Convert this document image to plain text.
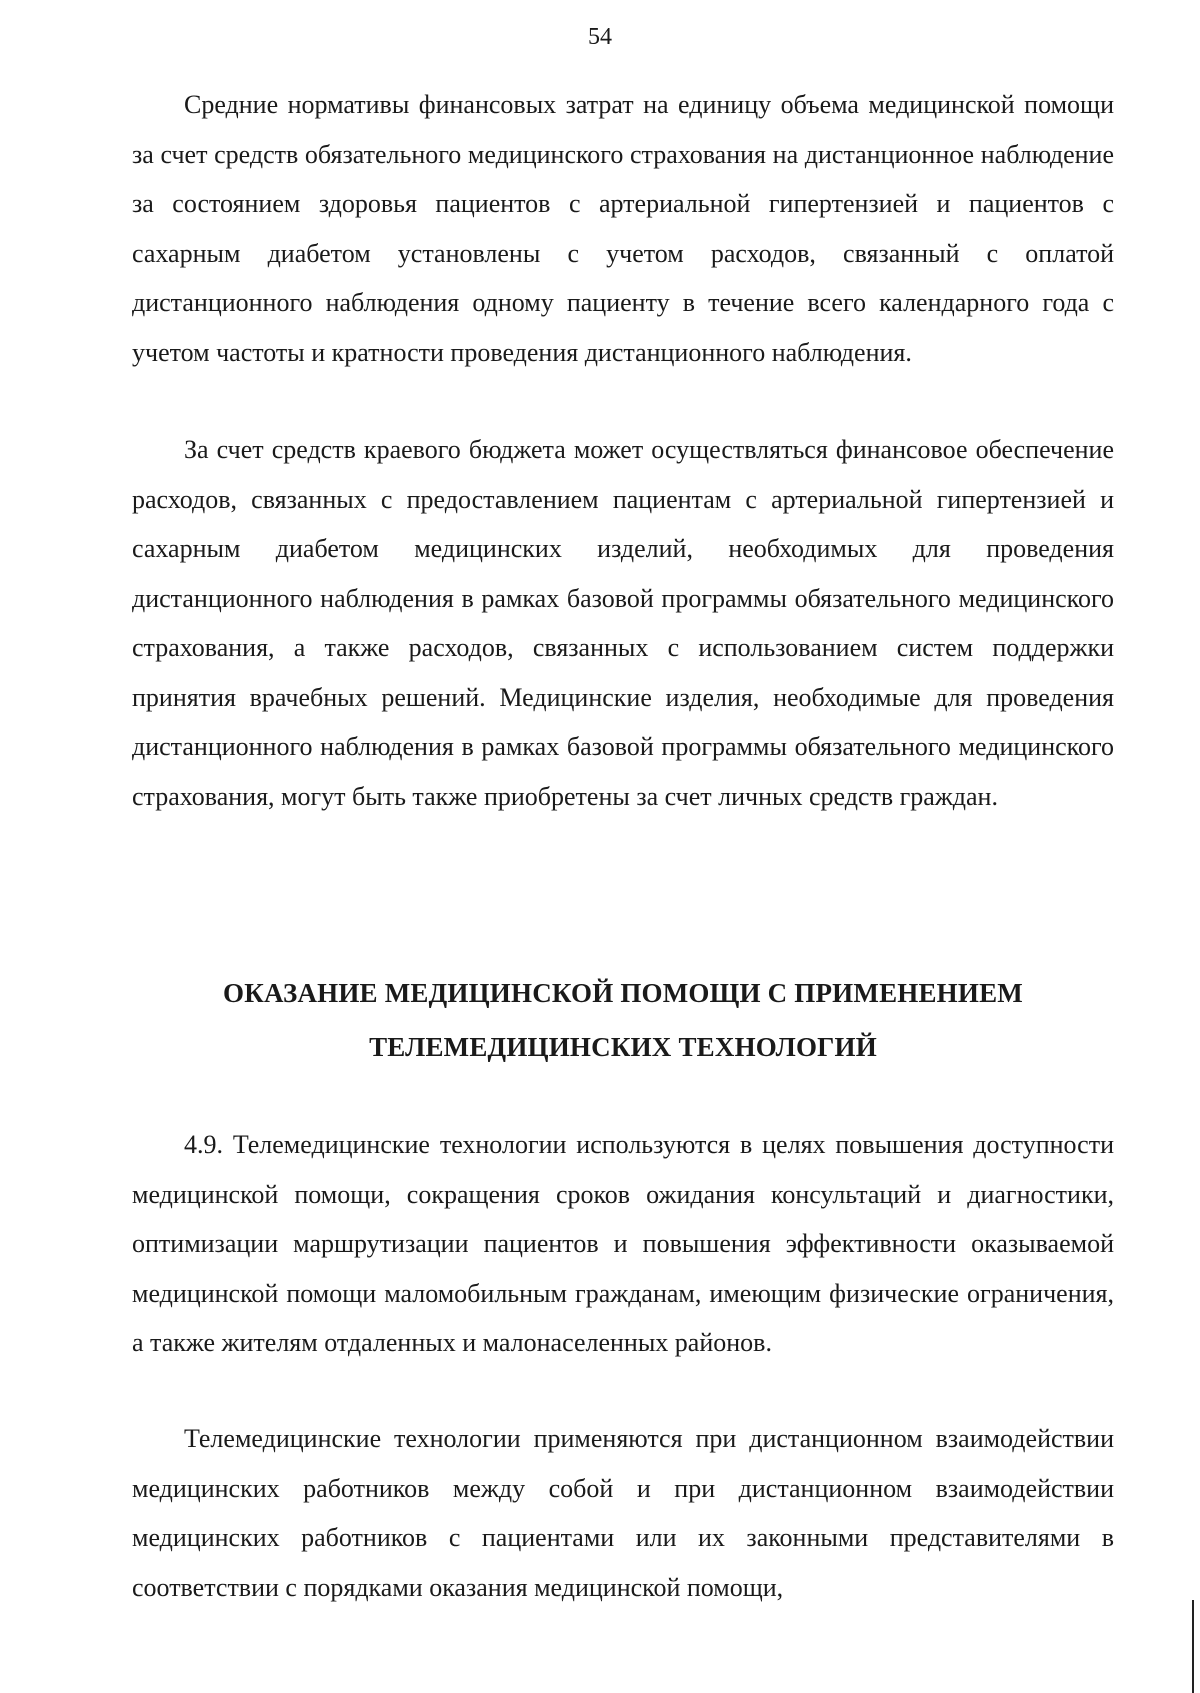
54

Средние нормативы финансовых затрат на единицу объема медицинской помощи за счет средств обязательного медицинского страхования на дистанционное наблюдение за состоянием здоровья пациентов с артериальной гипертензией и пациентов с сахарным диабетом установлены с учетом расходов, связанный с оплатой дистанционного наблюдения одному пациенту в течение всего календарного года с учетом частоты и кратности проведения дистанционного наблюдения.

За счет средств краевого бюджета может осуществляться финансовое обеспечение расходов, связанных с предоставлением пациентам с артериальной гипертензией и сахарным диабетом медицинских изделий, необходимых для проведения дистанционного наблюдения в рамках базовой программы обязательного медицинского страхования, а также расходов, связанных с использованием систем поддержки принятия врачебных решений. Медицинские изделия, необходимые для проведения дистанционного наблюдения в рамках базовой программы обязательного медицинского страхования, могут быть также приобретены за счет личных средств граждан.

ОКАЗАНИЕ МЕДИЦИНСКОЙ ПОМОЩИ С ПРИМЕНЕНИЕМ
ТЕЛЕМЕДИЦИНСКИХ ТЕХНОЛОГИЙ

4.9. Телемедицинские технологии используются в целях повышения доступности медицинской помощи, сокращения сроков ожидания консультаций и диагностики, оптимизации маршрутизации пациентов и повышения эффективности оказываемой медицинской помощи маломобильным гражданам, имеющим физические ограничения, а также жителям отдаленных и малонаселенных районов.

Телемедицинские технологии применяются при дистанционном взаимодействии медицинских работников между собой и при дистанционном взаимодействии медицинских работников с пациентами или их законными представителями в соответствии с порядками оказания медицинской помощи,
